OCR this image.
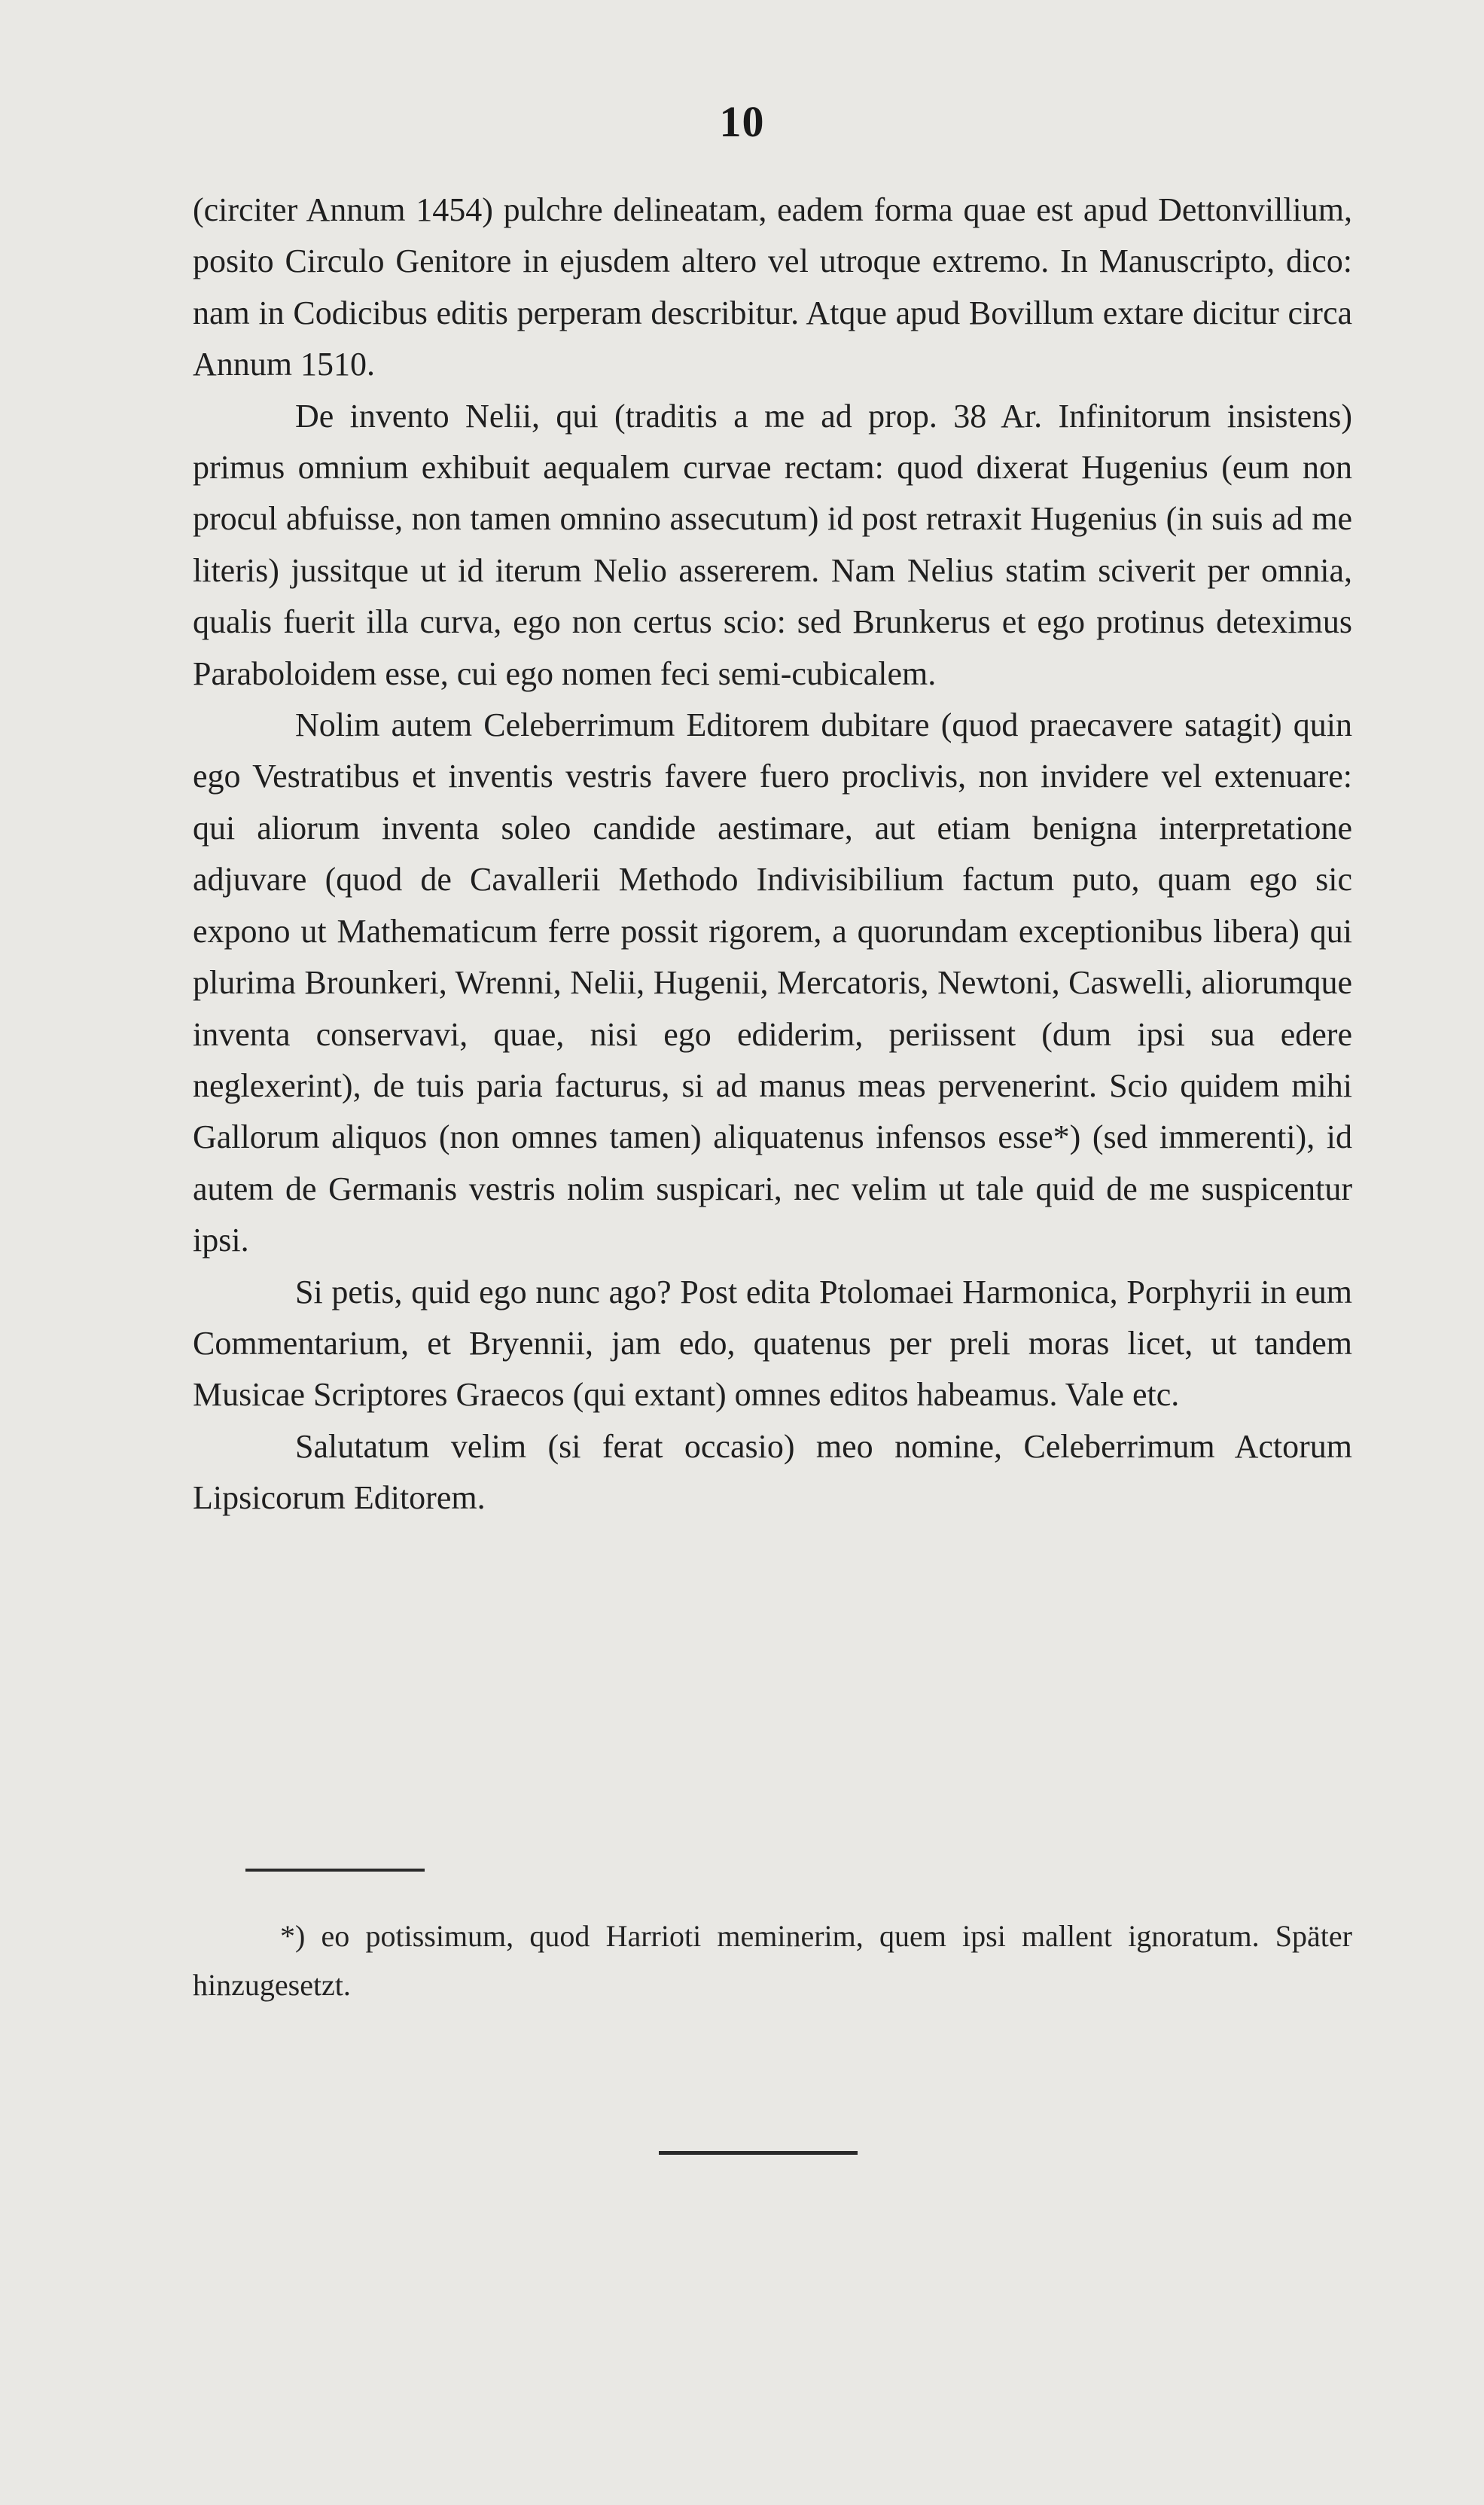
10

(circiter Annum 1454) pulchre delineatam, eadem forma quae est apud Dettonvillium, posito Circulo Genitore in ejusdem altero vel utroque extremo. In Manuscripto, dico: nam in Codicibus editis perperam describitur. Atque apud Bovillum extare dicitur circa Annum 1510.

De invento Nelii, qui (traditis a me ad prop. 38 Ar. Infinitorum insistens) primus omnium exhibuit aequalem curvae rectam: quod dixerat Hugenius (eum non procul abfuisse, non tamen omnino assecutum) id post retraxit Hugenius (in suis ad me literis) jussitque ut id iterum Nelio assererem. Nam Nelius statim sciverit per omnia, qualis fuerit illa curva, ego non certus scio: sed Brunkerus et ego protinus deteximus Paraboloidem esse, cui ego nomen feci semi-cubicalem.

Nolim autem Celeberrimum Editorem dubitare (quod praecavere satagit) quin ego Vestratibus et inventis vestris favere fuero proclivis, non invidere vel extenuare: qui aliorum inventa soleo candide aestimare, aut etiam benigna interpretatione adjuvare (quod de Cavallerii Methodo Indivisibilium factum puto, quam ego sic expono ut Mathematicum ferre possit rigorem, a quorundam exceptionibus libera) qui plurima Brounkeri, Wrenni, Nelii, Hugenii, Mercatoris, Newtoni, Caswelli, aliorumque inventa conservavi, quae, nisi ego ediderim, periissent (dum ipsi sua edere neglexerint), de tuis paria facturus, si ad manus meas pervenerint. Scio quidem mihi Gallorum aliquos (non omnes tamen) aliquatenus infensos esse*) (sed immerenti), id autem de Germanis vestris nolim suspicari, nec velim ut tale quid de me suspicentur ipsi.

Si petis, quid ego nunc ago? Post edita Ptolomaei Harmonica, Porphyrii in eum Commentarium, et Bryennii, jam edo, quatenus per preli moras licet, ut tandem Musicae Scriptores Graecos (qui extant) omnes editos habeamus. Vale etc.

Salutatum velim (si ferat occasio) meo nomine, Celeberrimum Actorum Lipsicorum Editorem.

*) eo potissimum, quod Harrioti meminerim, quem ipsi mallent ignoratum. Später hinzugesetzt.
